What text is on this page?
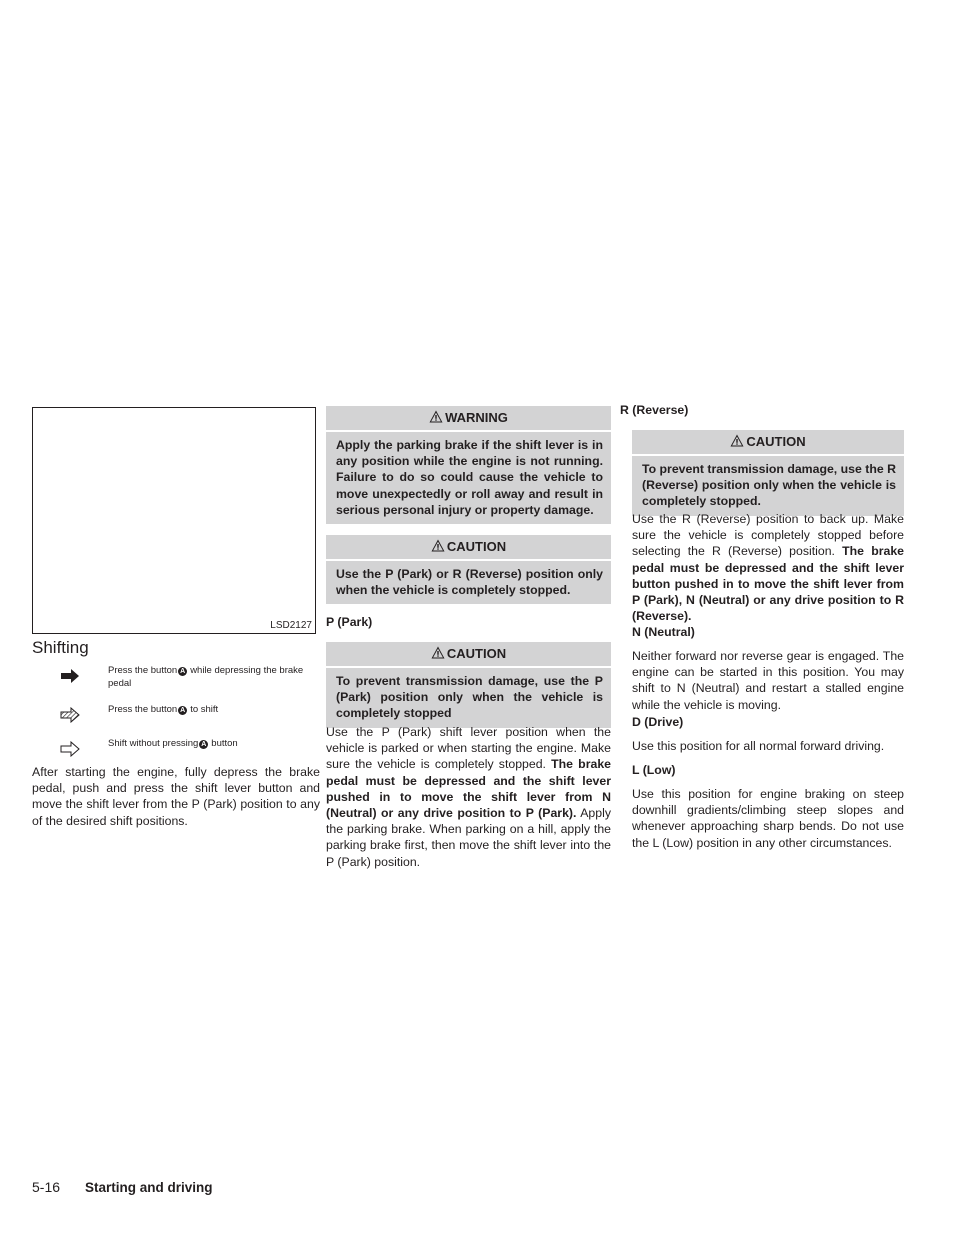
LSD2127
Shifting
Press the button A while depressing the brake pedal
Press the button A to shift
Shift without pressing A button
After starting the engine, fully depress the brake pedal, push and press the shift lever button and move the shift lever from the P (Park) position to any of the desired shift positions.
WARNING
Apply the parking brake if the shift lever is in any position while the engine is not running. Failure to do so could cause the vehicle to move unexpectedly or roll away and result in serious personal injury or property damage.
CAUTION
Use the P (Park) or R (Reverse) position only when the vehicle is completely stopped.
P (Park)
CAUTION
To prevent transmission damage, use the P (Park) position only when the vehicle is completely stopped
Use the P (Park) shift lever position when the vehicle is parked or when starting the engine. Make sure the vehicle is completely stopped. The brake pedal must be depressed and the shift lever pushed in to move the shift lever from N (Neutral) or any drive position to P (Park). Apply the parking brake. When parking on a hill, apply the parking brake first, then move the shift lever into the P (Park) position.
R (Reverse)
CAUTION
To prevent transmission damage, use the R (Reverse) position only when the vehicle is completely stopped.
Use the R (Reverse) position to back up. Make sure the vehicle is completely stopped before selecting the R (Reverse) position. The brake pedal must be depressed and the shift lever button pushed in to move the shift lever from P (Park), N (Neutral) or any drive position to R (Reverse).
N (Neutral)
Neither forward nor reverse gear is engaged. The engine can be started in this position. You may shift to N (Neutral) and restart a stalled engine while the vehicle is moving.
D (Drive)
Use this position for all normal forward driving.
L (Low)
Use this position for engine braking on steep downhill gradients/climbing steep slopes and whenever approaching sharp bends. Do not use the L (Low) position in any other circumstances.
5-16 Starting and driving
